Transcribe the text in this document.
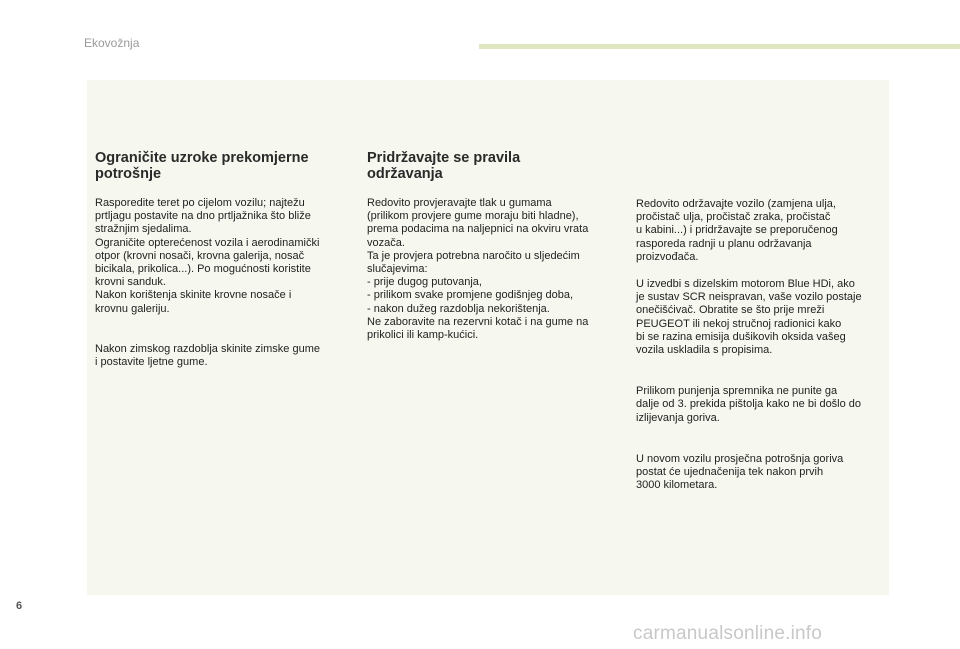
Ekovožnja
Ograničite uzroke prekomjerne
potrošnje

Rasporedite teret po cijelom vozilu; najtežu
prtljagu postavite na dno prtljažnika što bliže
stražnjim sjedalima.
Ograničite opterećenost vozila i aerodinamički
otpor (krovni nosači, krovna galerija, nosač
bicikala, prikolica...). Po mogućnosti koristite
krovni sanduk.
Nakon korištenja skinite krovne nosače i
krovnu galeriju.

Nakon zimskog razdoblja skinite zimske gume
i postavite ljetne gume.

Pridržavajte se pravila
održavanja

Redovito provjeravajte tlak u gumama
(prilikom provjere gume moraju biti hladne),
prema podacima na naljepnici na okviru vrata
vozača.
Ta je provjera potrebna naročito u sljedećim
slučajevima:
- prije dugog putovanja,
- prilikom svake promjene godišnjeg doba,
- nakon dužeg razdoblja nekorištenja.
Ne zaboravite na rezervni kotač i na gume na
prikolici ili kamp-kućici.

Redovito održavajte vozilo (zamjena ulja,
pročistač ulja, pročistač zraka, pročistač
u kabini...) i pridržavajte se preporučenog
rasporeda radnji u planu održavanja
proizvođača.

U izvedbi s dizelskim motorom Blue HDi, ako
je sustav SCR neispravan, vaše vozilo postaje
onečišćivač. Obratite se što prije mreži
PEUGEOT ili nekoj stručnoj radionici kako
bi se razina emisija dušikovih oksida vašeg
vozila uskladila s propisima.

Prilikom punjenja spremnika ne punite ga
dalje od 3. prekida pištolja kako ne bi došlo do
izlijevanja goriva.

U novom vozilu prosječna potrošnja goriva
postat će ujednačenija tek nakon prvih
3000 kilometara.

6
carmanualsonline.info
